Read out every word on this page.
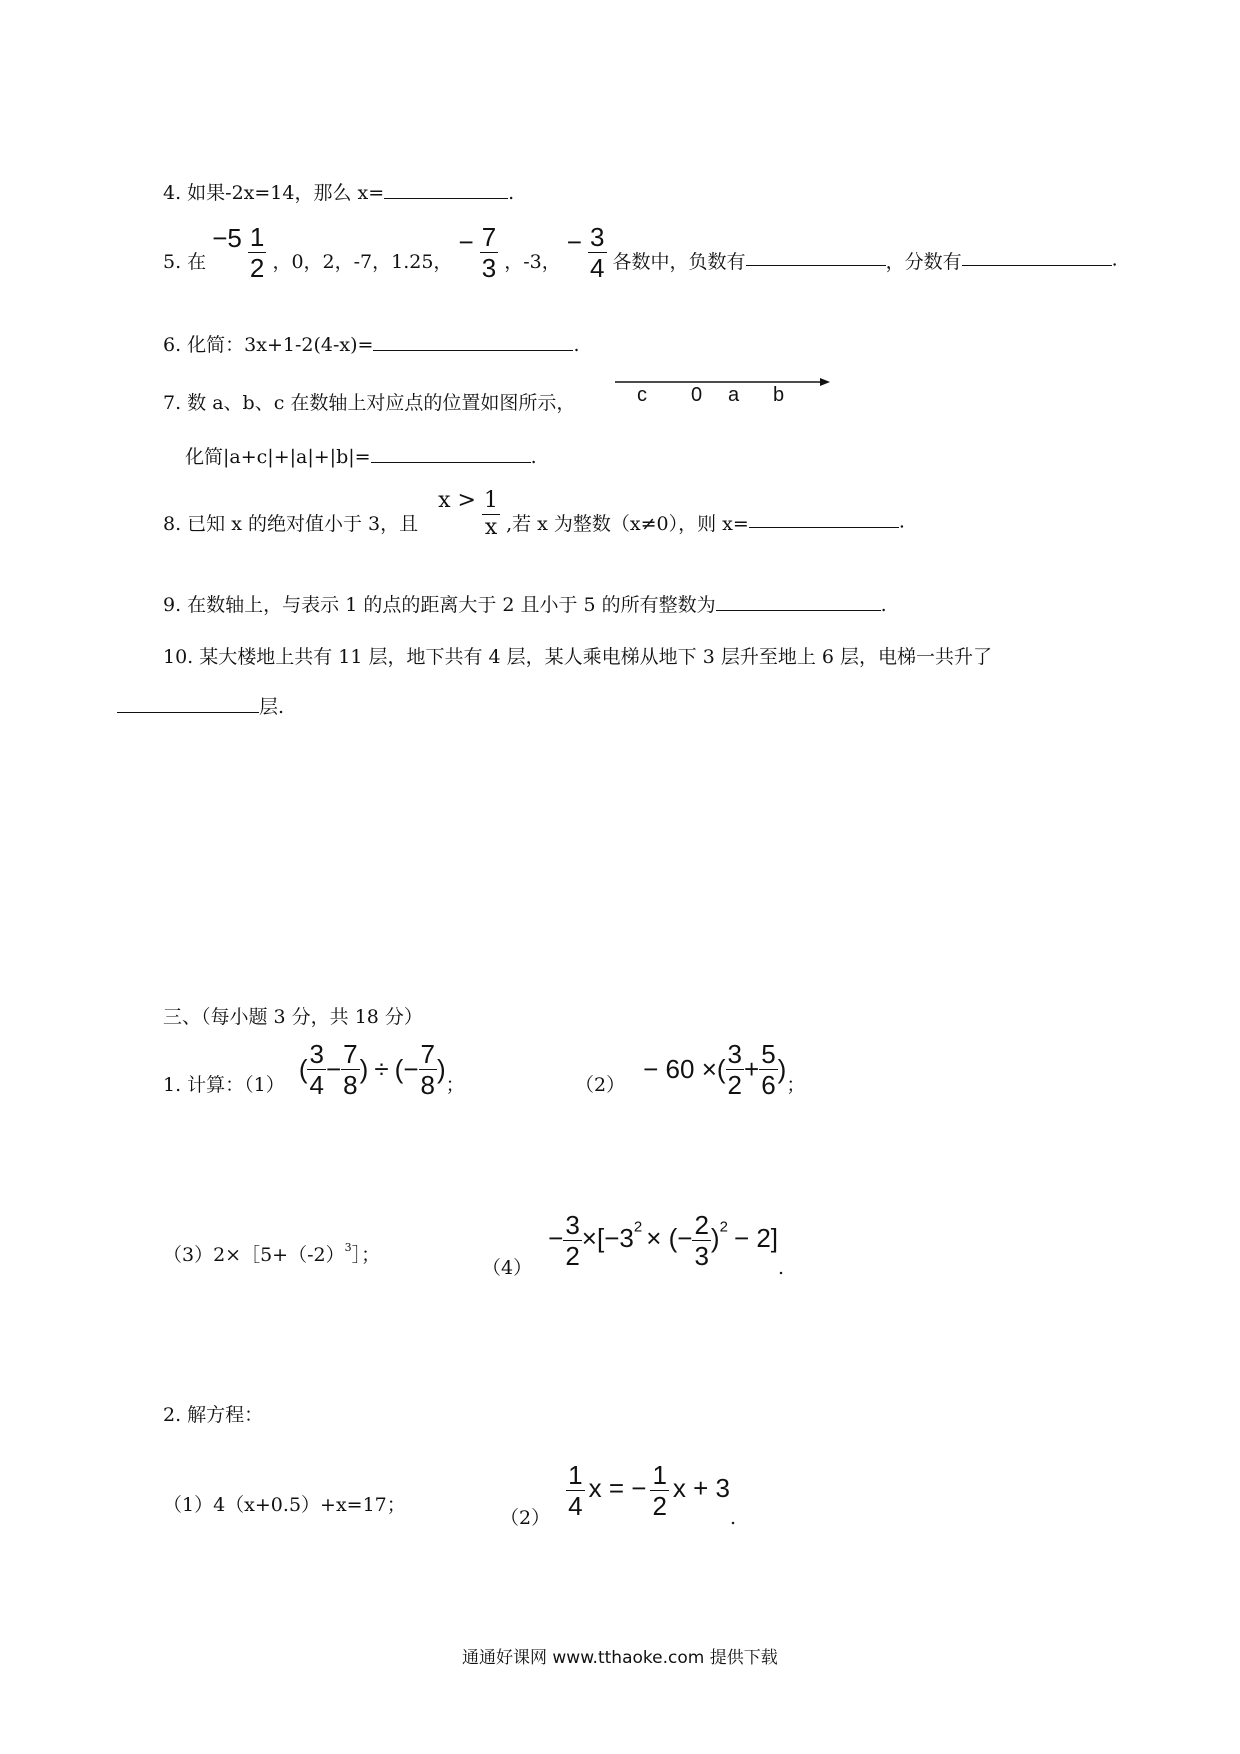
4. 如果-2x=14，那么 x=	.
5. 在 $-5 \frac{1}{2}$ ，0，2，-7，1.25， − $\frac{7}{3}$ ，-3， − $\frac{3}{4}$ 各数中，负数有	，分数有	.
6. 化简：3x+1-2(4-x)=	.
7. 数 a、b、c 在数轴上对应点的位置如图所示，	c 0 a b
化简|a+c|+|a|+|b|=	.
8. 已知 x 的绝对值小于 3，且 $x > \frac{1}{x}$ ,若 x 为整数（x≠0），则 x=	.
9. 在数轴上，与表示 1 的点的距离大于 2 且小于 5 的所有整数为	.
10. 某大楼地上共有 11 层，地下共有 4 层，某人乘电梯从地下 3 层升至地上 6 层，电梯一共升了
层.
三、（每小题 3 分，共 18 分）
1. 计算：（1） ( $\frac{3}{4} - \frac{7}{8}$ ) ÷ (− $\frac{7}{8}$ )；	（2） − 60 ×( $\frac{3}{2} + \frac{5}{6}$ )；
$(3)2\times[5+(-2)^3]$；
$(4) - \frac{3}{2} \times[-3^2$ × (− $\frac{2}{3} )^2 - 2$].
2. 解方程：
（1）4（x+0.5）+x=17；
$(2) \frac{1}{4}$ x = − $\frac{1}{2}$ x + 3.
通通好课网 www.tthaoke.com 提供下载
